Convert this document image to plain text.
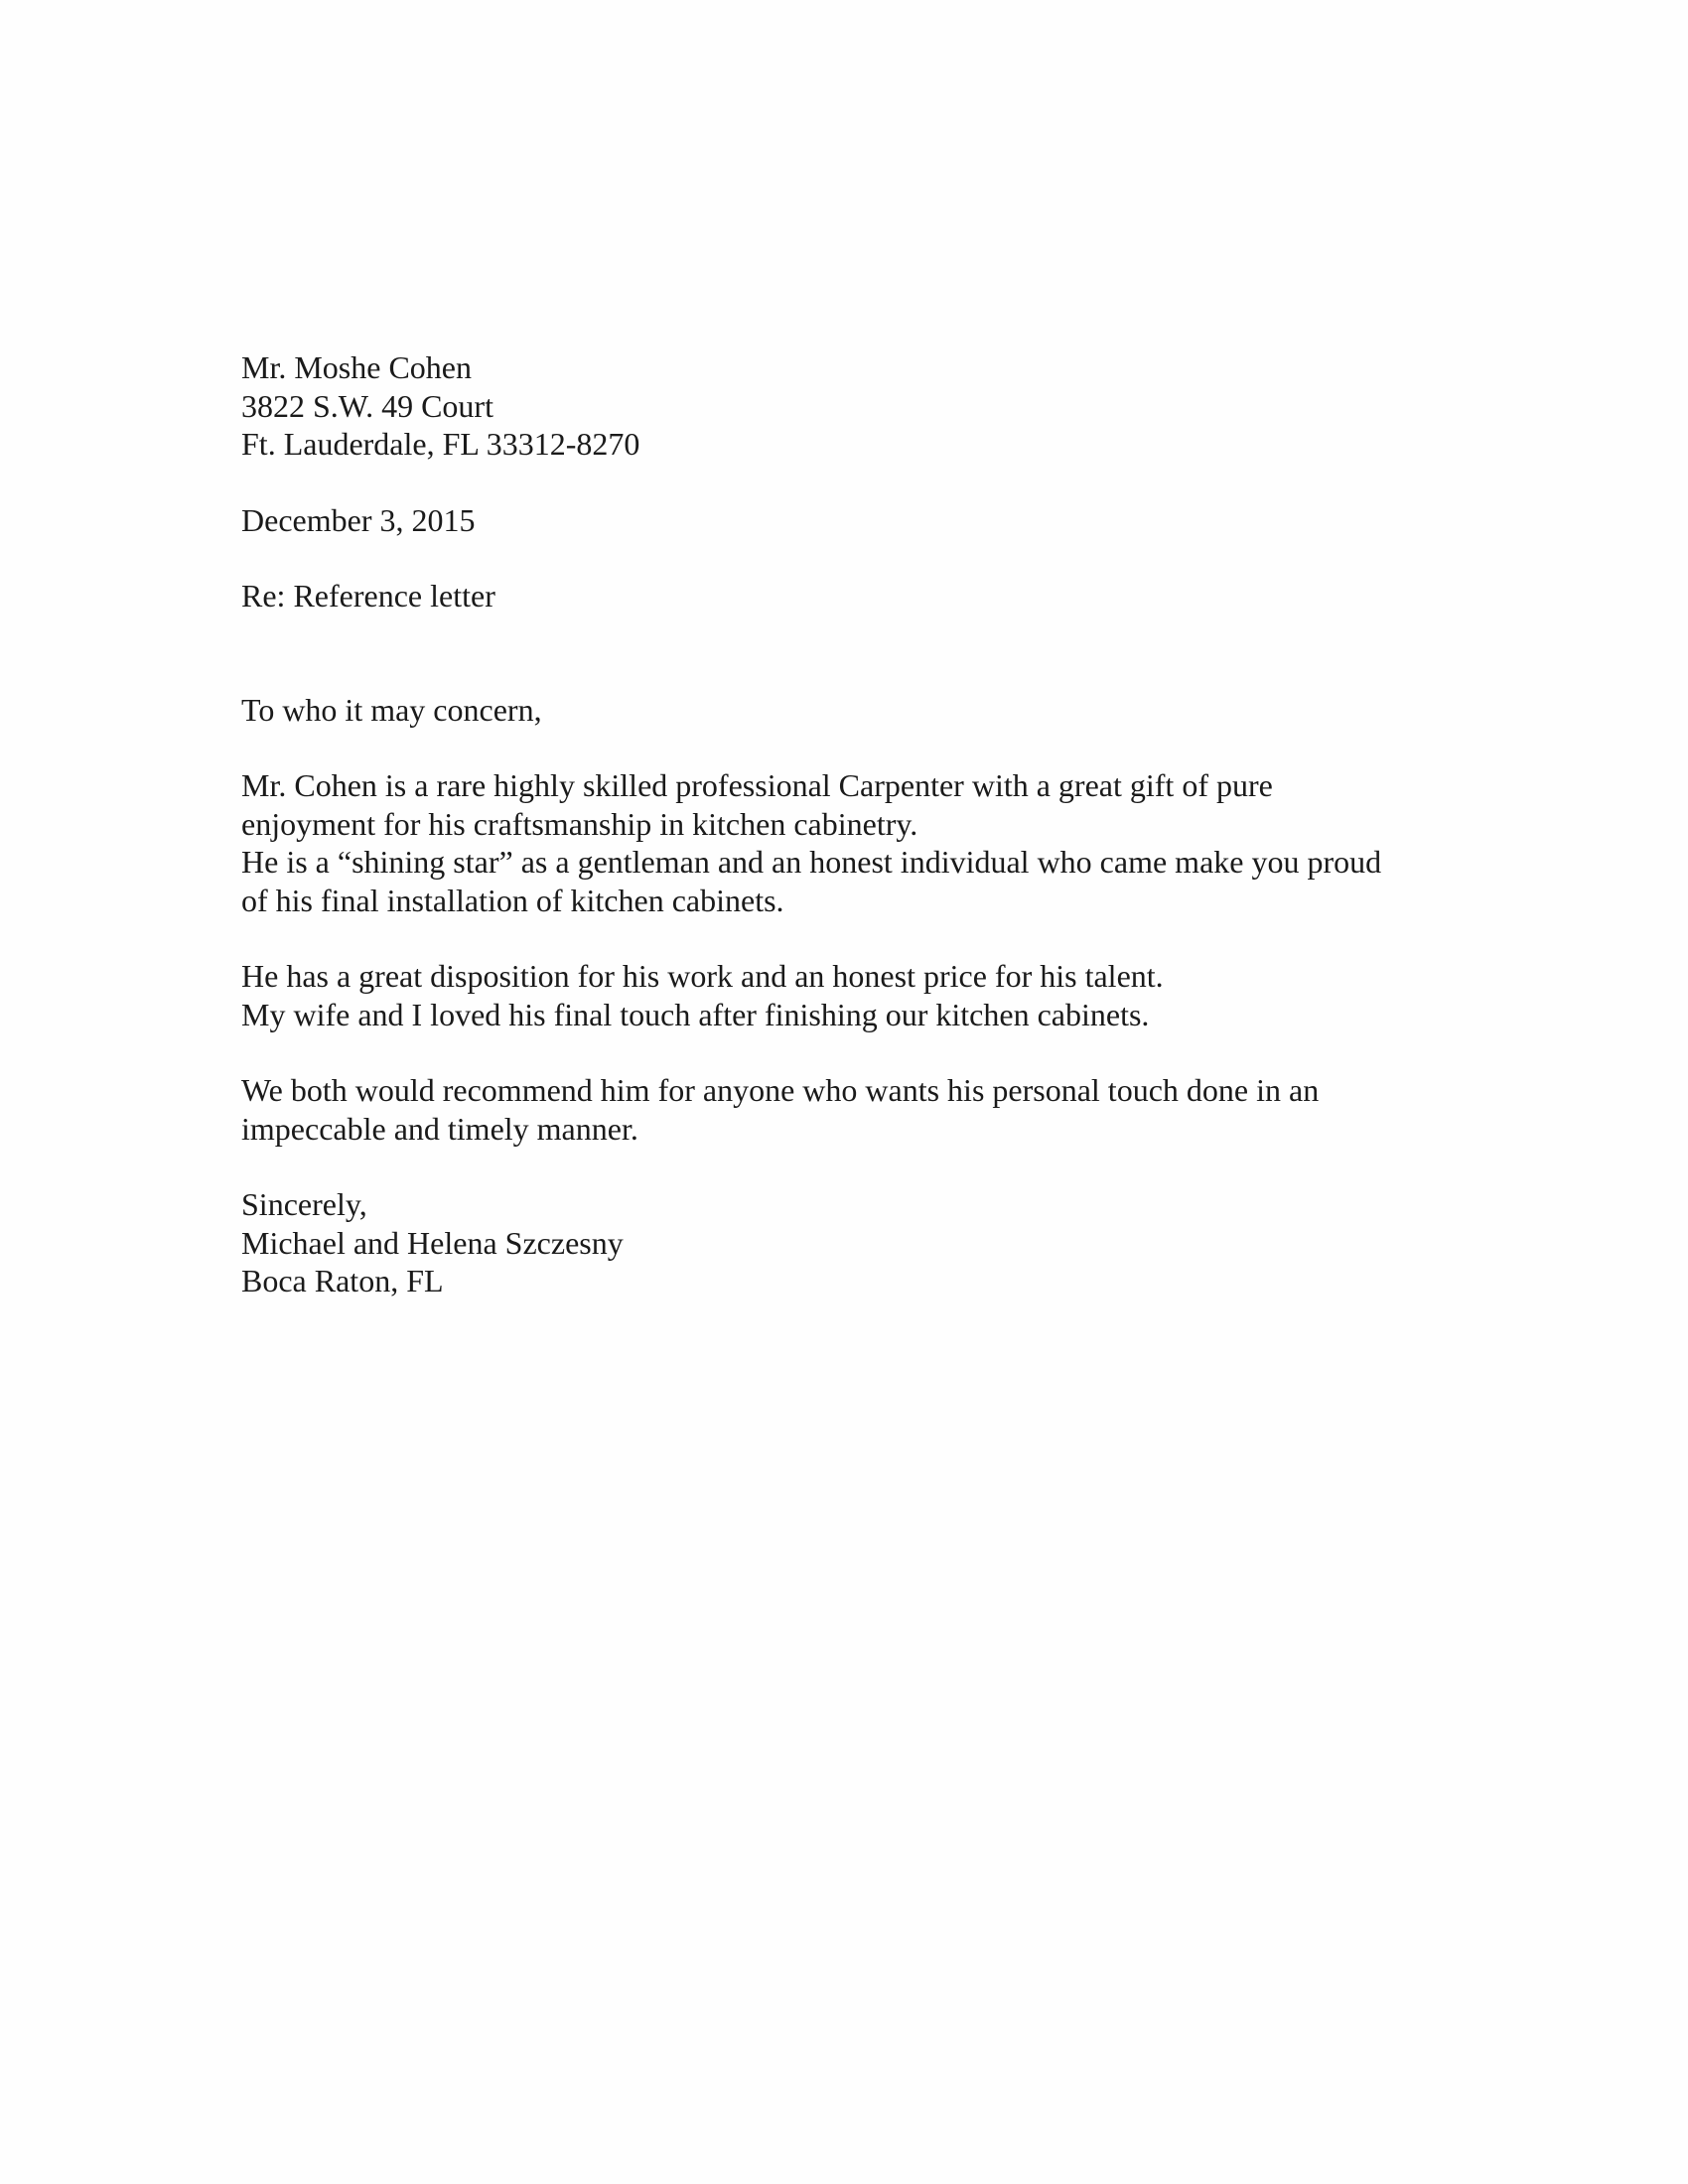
Mr. Moshe Cohen
3822 S.W. 49 Court
Ft. Lauderdale, FL 33312-8270
December 3, 2015
Re: Reference letter
To who it may concern,
Mr. Cohen is a rare highly skilled professional Carpenter with a great gift of pure
enjoyment for his craftsmanship in kitchen cabinetry.
He is a “shining star” as a gentleman and an honest individual who came make you proud
of his final installation of kitchen cabinets.
He has a great disposition for his work and an honest price for his talent.
My wife and I loved his final touch after finishing our kitchen cabinets.
We both would recommend him for anyone who wants his personal touch done in an
impeccable and timely manner.
Sincerely,
Michael and Helena Szczesny
Boca Raton, FL
